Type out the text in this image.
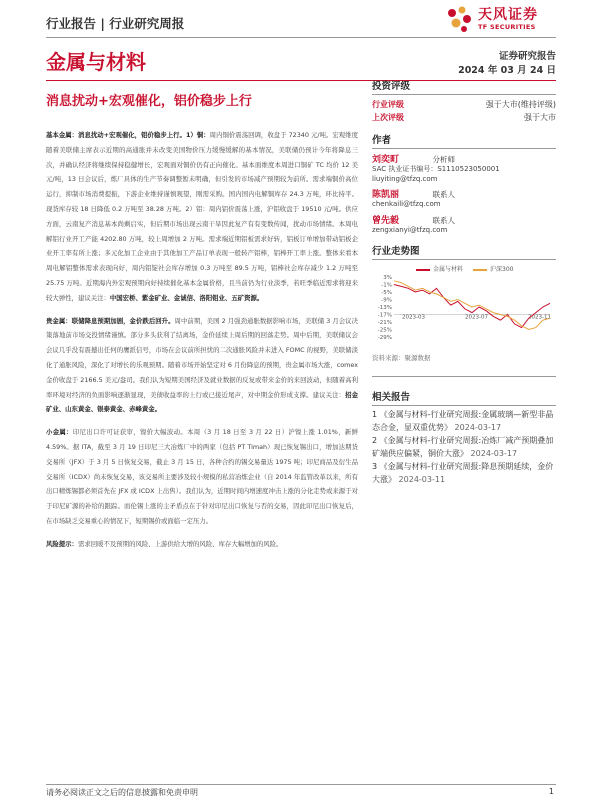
行业报告 | 行业研究周报
天风证券
TF SECURITIES
金属与材料	证券研究报告
2024 年 03 月 24 日
消息扰动+宏观催化，铝价稳步上行

基本金属：消息扰动+宏观催化，铝价稳步上行。1）铜：周内铜价震荡回调，收盘于 72340 元/吨。宏观维度随着美联储主席表示近期的高通胀并未改变美国物价压力缓慢缓解的基本情况，美联储仍预计今年将降息三次，并确认经济将继续保持稳健增长，宏观面对铜价仍有正向催化。基本面维度本周进口铜矿 TC 均价 12 美元/吨，13 日会议后，炼厂具体的生产节奏调整暂未明确，但引发的市场减产预期较为前所。需求端铜价高位运行，抑制市场消费提振，下游企业维持谨慎观望，刚需采购。国内国内电解铜库存 24.3 万吨，环比持平。现货库存较 18 日降低 0.2 万吨至 38.28 万吨。2）铝：周内铝价震荡上涨，沪铝收盘于 19510 元/吨。供应方面，云南复产消息基本尚剩启实，但后期市场出现云南干旱因此复产有有变数传闻，扰动市场情绪。本周电解铝行业开工产能 4202.80 万吨，较上周增加 2 万吨。需求端近期铝板需求好转，铝板订单增加带动铝板企业开工率有所上涨；多元化加工企业由于其他加工产品订单表现一般转产铝棒，铝棒开工率上涨。整体来看本周电解铝整体需求表现向好，周内铝锭社会库存增加 0.3 万吨至 89.5 万吨，铝棒社会库存减少 1.2 万吨至 25.75 万吨。近期海内外宏观预期向好持续催化基本金属价格，且当前仍为行业淡季，若旺季临近需求将迎来较大弹性，建议关注：中国宏桥、紫金矿业、金诚信、洛阳钼业、五矿资源。

贵金属：联储降息预期加剧，金价跌后回升。周中前期，美国 2 月强劲通胀数据影响市场，美联储 3 月会议决策落地前市场交投情绪谨慎。部分多头获利了结离场，金价延续上周后期的回落走势。周中后期，美联储议会会议几乎没有震撼出任何的鹰派信号，市场在会议前所担忧的二次通胀风险并未进入 FOMC 的视野，美联储淡化了通胀风险，深化了对增长的乐观预期。随着市场开始坚定对 6 月份降息的预期，贵金属市场大涨，comex 金价收盘于 2166.5 美元/盎司。我们认为短期美国经济及就业数据的反复或带来金价的来回波动，但随着高利率环境对经济的负面影响逐渐显现，美债收益率的上行或已接近尾声，对中期金价形成支撑。建议关注：招金矿业、山东黄金、银泰黄金、赤峰黄金。

小金属：印尼出口许可证获审，镍价大幅波动。本周（3 月 18 日至 3 月 22 日）沪镍上涨 1.01%，新鲜 4.59%。据 ITA，截至 3 月 19 日印尼三大冶炼厂中的两家（包括 PT Timah）现已恢复锡出口，增加达期货交易所（JFX）于 3 月 5 日恢复交易，截止 3 月 15 日，各种合约的锡交易量达 1975 吨；印尼商品及衍生品交易所（ICDX）尚未恢复交易，该交易所主要涉及较小规模的私营冶炼企业（自 2014 年监管改革以来，所有出口精炼锡都必须首先在 JFX 或 ICDX 上出售）。我们认为，近期时间内增速度冲击上涨的分化走势或来源于对于印尼矿源的补给的跟踪。而伦锡上涨的主矛盾点在于针对印尼出口恢复与否的交易，因此印尼出口恢复后，在市场缺乏交易重心的情况下，短期锡价或面临一定压力。

风险提示：需求回暖不及预期的风险、上游供给大增的风险、库存大幅增加的风险。

投资评级
行业评级	强于大市(维持评级)
上次评级	强于大市
作者
刘奕町	分析师
SAC 执业证书编号：S1110523050001
liuyiting@tfzq.com
陈凯丽	联系人
chenkaili@tfzq.com
曾先毅	联系人
zengxianyi@tfzq.com
行业走势图
金属与材料	沪深300
3%
-1%
-5%
-9%
-13%
-17%
-21%
-25%
-29%
2023-03	2023-07	2023-11
资料来源：聚源数据
相关报告
1 《金属与材料-行业研究周报:金属玻璃—新型非晶态合金，显双重优势》 2024-03-17
2 《金属与材料-行业研究周报:冶炼厂减产预期叠加矿端供应偏紧，铜价大涨》 2024-03-17
3 《金属与材料-行业研究周报:降息预期延续，金价大涨》 2024-03-11
请务必阅读正文之后的信息披露和免责申明	1
